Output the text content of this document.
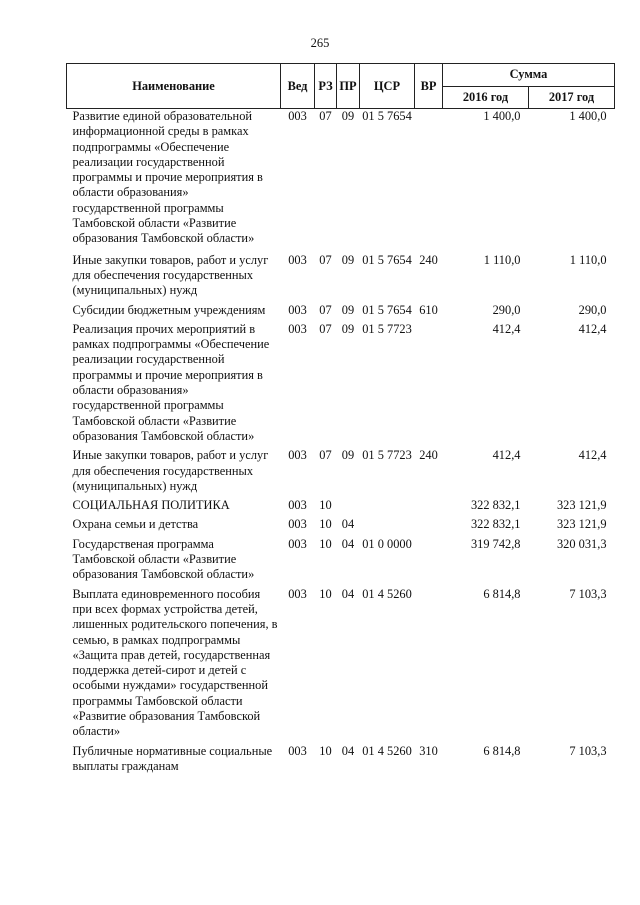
265
Наименование	Вед	РЗ	ПР	ЦСР	ВР	Сумма	
						2016 год	2017 год
Развитие единой образовательной информационной среды в рамках подпрограммы «Обеспечение реализации государственной программы и прочие мероприятия в области образования» государственной программы Тамбовской области «Развитие образования Тамбовской области»	003	07	09	01 5 7654		1 400,0	1 400,0
Иные закупки товаров, работ и услуг для обеспечения государственных (муниципальных) нужд	003	07	09	01 5 7654	240	1 110,0	1 110,0
Субсидии бюджетным учреждениям	003	07	09	01 5 7654	610	290,0	290,0
Реализация прочих мероприятий в рамках подпрограммы «Обеспечение реализации государственной программы и прочие мероприятия в области образования» государственной программы Тамбовской области «Развитие образования Тамбовской области»	003	07	09	01 5 7723		412,4	412,4
Иные закупки товаров, работ и услуг для обеспечения государственных (муниципальных) нужд	003	07	09	01 5 7723	240	412,4	412,4
СОЦИАЛЬНАЯ ПОЛИТИКА	003	10				322 832,1	323 121,9
Охрана семьи и детства	003	10	04			322 832,1	323 121,9
Государственая программа Тамбовской области «Развитие образования Тамбовской области»	003	10	04	01 0 0000		319 742,8	320 031,3
Выплата единовременного пособия при всех формах устройства детей, лишенных родительского попечения, в семью, в рамках подпрограммы «Защита прав детей, государственная поддержка детей-сирот и детей с особыми нуждами» государственной программы Тамбовской области «Развитие образования Тамбовской области»	003	10	04	01 4 5260		6 814,8	7 103,3
Публичные нормативные социальные выплаты гражданам	003	10	04	01 4 5260	310	6 814,8	7 103,3
